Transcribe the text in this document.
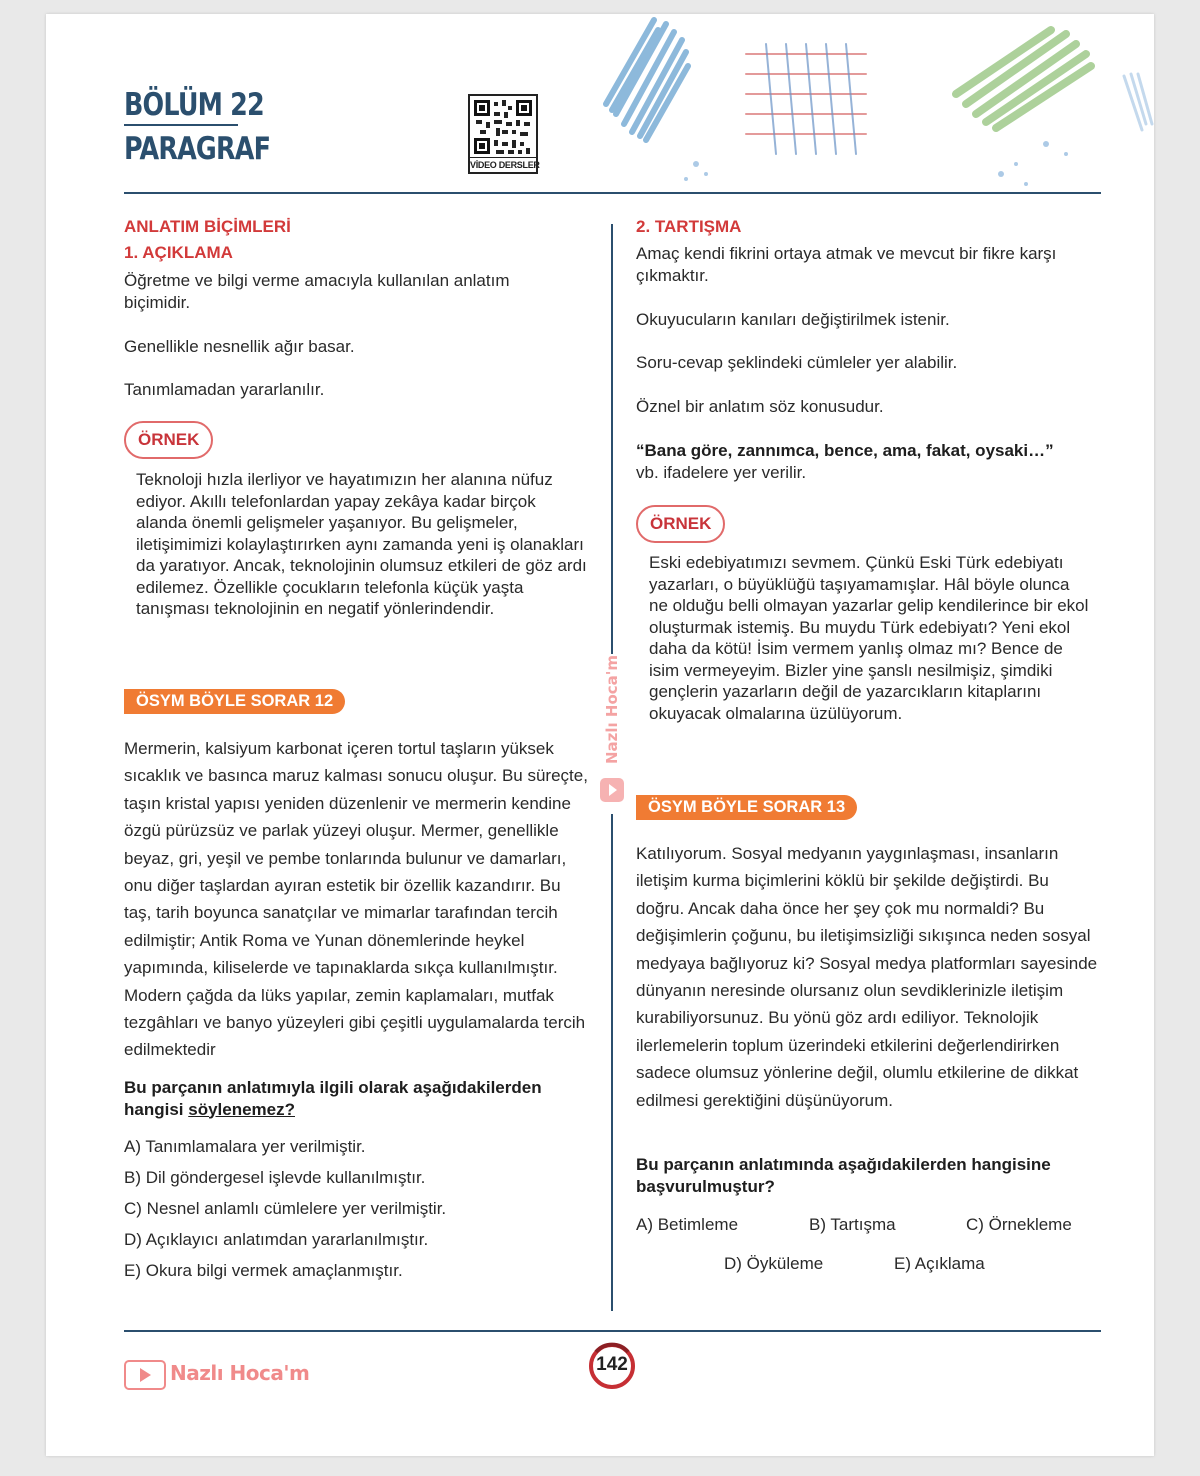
BÖLÜM 22
PARAGRAF	VİDEO DERSLER
ANLATIM BİÇİMLERİ
1. AÇIKLAMA
Öğretme ve bilgi verme amacıyla kullanılan anlatım biçimidir.
Genellikle nesnellik ağır basar.
Tanımlamadan yararlanılır.
ÖRNEK
Teknoloji hızla ilerliyor ve hayatımızın her alanına nüfuz ediyor. Akıllı telefonlardan yapay zekâya kadar birçok alanda önemli gelişmeler yaşanıyor. Bu gelişmeler, iletişimimizi kolaylaştırırken aynı zamanda yeni iş olanakları da yaratıyor. Ancak, teknolojinin olumsuz etkileri de göz ardı edilemez. Özellikle çocukların telefonla küçük yaşta tanışması teknolojinin en negatif yönlerindendir.
ÖSYM BÖYLE SORAR 12
Mermerin, kalsiyum karbonat içeren tortul taşların yüksek sıcaklık ve basınca maruz kalması sonucu oluşur. Bu süreçte, taşın kristal yapısı yeniden düzenlenir ve mermerin kendine özgü pürüzsüz ve parlak yüzeyi oluşur. Mermer, genellikle beyaz, gri, yeşil ve pembe tonlarında bulunur ve damarları, onu diğer taşlardan ayıran estetik bir özellik kazandırır. Bu taş, tarih boyunca sanatçılar ve mimarlar tarafından tercih edilmiştir; Antik Roma ve Yunan dönemlerinde heykel yapımında, kiliselerde ve tapınaklarda sıkça kullanılmıştır. Modern çağda da lüks yapılar, zemin kaplamaları, mutfak tezgâhları ve banyo yüzeyleri gibi çeşitli uygulamalarda tercih edilmektedir
Bu parçanın anlatımıyla ilgili olarak aşağıdakilerden hangisi söylenemez?
A) Tanımlamalara yer verilmiştir.
B) Dil göndergesel işlevde kullanılmıştır.
C) Nesnel anlamlı cümlelere yer verilmiştir.
D) Açıklayıcı anlatımdan yararlanılmıştır.
E) Okura bilgi vermek amaçlanmıştır.
Nazlı Hoca'm
2. TARTIŞMA
Amaç kendi fikrini ortaya atmak ve mevcut bir fikre karşı çıkmaktır.
Okuyucuların kanıları değiştirilmek istenir.
Soru-cevap şeklindeki cümleler yer alabilir.
Öznel bir anlatım söz konusudur.
“Bana göre, zannımca, bence, ama, fakat, oysaki…”
vb. ifadelere yer verilir.
ÖRNEK
Eski edebiyatımızı sevmem. Çünkü Eski Türk edebiyatı yazarları, o büyüklüğü taşıyamamışlar. Hâl böyle olunca ne olduğu belli olmayan yazarlar gelip kendilerince bir ekol oluşturmak istemiş. Bu muydu Türk edebiyatı? Yeni ekol daha da kötü! İsim vermem yanlış olmaz mı? Bence de isim vermeyeyim. Bizler yine şanslı nesilmişiz, şimdiki gençlerin yazarların değil de yazarcıkların kitaplarını okuyacak olmalarına üzülüyorum.
ÖSYM BÖYLE SORAR 13
Katılıyorum. Sosyal medyanın yaygınlaşması, insanların iletişim kurma biçimlerini köklü bir şekilde değiştirdi. Bu doğru. Ancak daha önce her şey çok mu normaldi? Bu değişimlerin çoğunu, bu iletişimsizliği sıkışınca neden sosyal medyaya bağlıyoruz ki? Sosyal medya platformları sayesinde dünyanın neresinde olursanız olun sevdiklerinizle iletişim kurabiliyorsunuz. Bu yönü göz ardı ediliyor. Teknolojik ilerlemelerin toplum üzerindeki etkilerini değerlendirirken sadece olumsuz yönlerine değil, olumlu etkilerine de dikkat edilmesi gerektiğini düşünüyorum.
Bu parçanın anlatımında aşağıdakilerden hangisine başvurulmuştur?
A) Betimleme	B) Tartışma	C) Örnekleme
D) Öyküleme	E) Açıklama
Nazlı Hoca'm	142
